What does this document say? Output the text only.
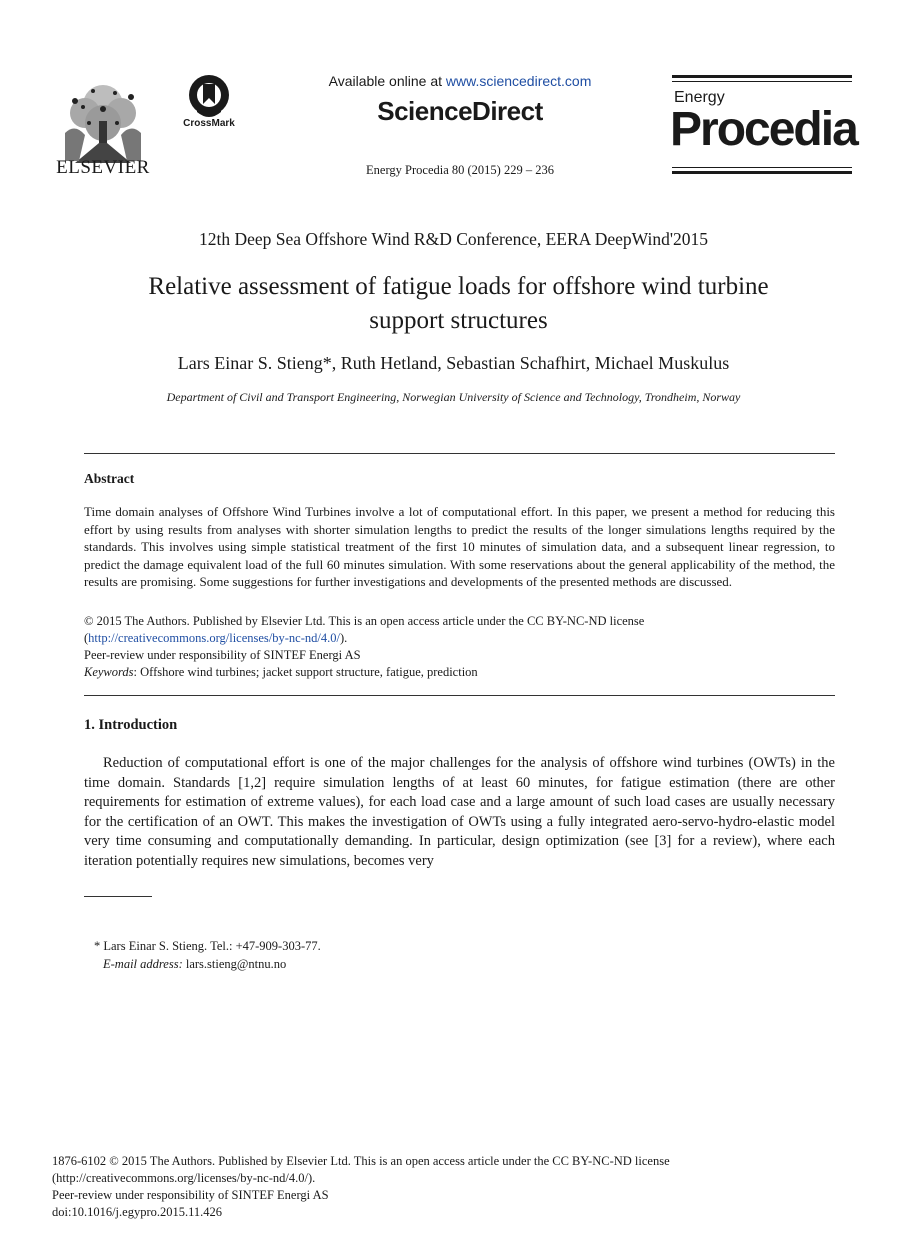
ELSEVIER
CrossMark
Available online at www.sciencedirect.com
ScienceDirect
Energy Procedia 80 (2015) 229 – 236
Energy
Procedia
12th Deep Sea Offshore Wind R&D Conference, EERA DeepWind'2015
Relative assessment of fatigue loads for offshore wind turbine
support structures
Lars Einar S. Stieng*, Ruth Hetland, Sebastian Schafhirt, Michael Muskulus
Department of Civil and Transport Engineering, Norwegian University of Science and Technology, Trondheim, Norway
Abstract
Time domain analyses of Offshore Wind Turbines involve a lot of computational effort. In this paper, we present a method for reducing this effort by using results from analyses with shorter simulation lengths to predict the results of the longer simulations lengths required by the standards. This involves using simple statistical treatment of the first 10 minutes of simulation data, and a subsequent linear regression, to predict the damage equivalent load of the full 60 minutes simulation. With some reservations about the general applicability of the method, the results are promising. Some suggestions for further investigations and developments of the presented methods are discussed.
© 2015 The Authors. Published by Elsevier Ltd. This is an open access article under the CC BY-NC-ND license
(http://creativecommons.org/licenses/by-nc-nd/4.0/).
Peer-review under responsibility of SINTEF Energi AS
Keywords: Offshore wind turbines; jacket support structure, fatigue, prediction
1. Introduction
Reduction of computational effort is one of the major challenges for the analysis of offshore wind turbines (OWTs) in the time domain. Standards [1,2] require simulation lengths of at least 60 minutes, for fatigue estimation (there are other requirements for estimation of extreme values), for each load case and a large amount of such load cases are usually necessary for the certification of an OWT. This makes the investigation of OWTs using a fully integrated aero-servo-hydro-elastic model very time consuming and computationally demanding. In particular, design optimization (see [3] for a review), where each iteration potentially requires new simulations, becomes very
* Lars Einar S. Stieng. Tel.: +47-909-303-77.
E-mail address: lars.stieng@ntnu.no
1876-6102 © 2015 The Authors. Published by Elsevier Ltd. This is an open access article under the CC BY-NC-ND license
(http://creativecommons.org/licenses/by-nc-nd/4.0/).
Peer-review under responsibility of SINTEF Energi AS
doi:10.1016/j.egypro.2015.11.426
